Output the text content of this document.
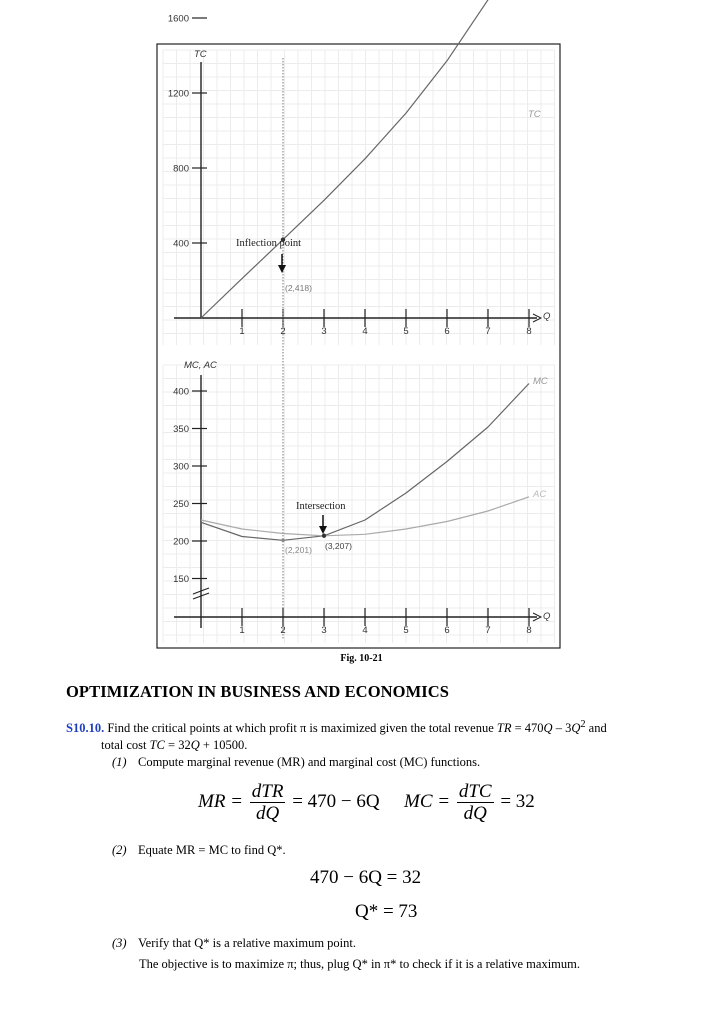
400
800
1200
1600
1	2	3	4	5	6	7	8
TC
Q
TC
Inflection point
(2,418)
150
200
250
300
350
400
1	2	3	4	5	6	7	8
MC, AC
Q
MC
AC
Intersection
(2,201) (3,207)
Fig. 10-21
OPTIMIZATION IN BUSINESS AND ECONOMICS
S10.10. Find the critical points at which profit π is maximized given the total revenue TR = $470Q - 3Q^2$ and
total cost TC = 32Q + 10500.
(1) Compute marginal revenue (MR) and marginal cost (MC) functions.
MR = $\frac{\text{dTR}}{dQ} = 470 - 6Q$ MC = $\frac{\text{dTC}}{dQ} = 32$
(2) Equate MR = MC to find Q*.
470 − 6Q = 32
Q* = 73
(3) Verify that Q* is a relative maximum point.
The objective is to maximize π; thus, plug Q* in π* to check if it is a relative maximum.
